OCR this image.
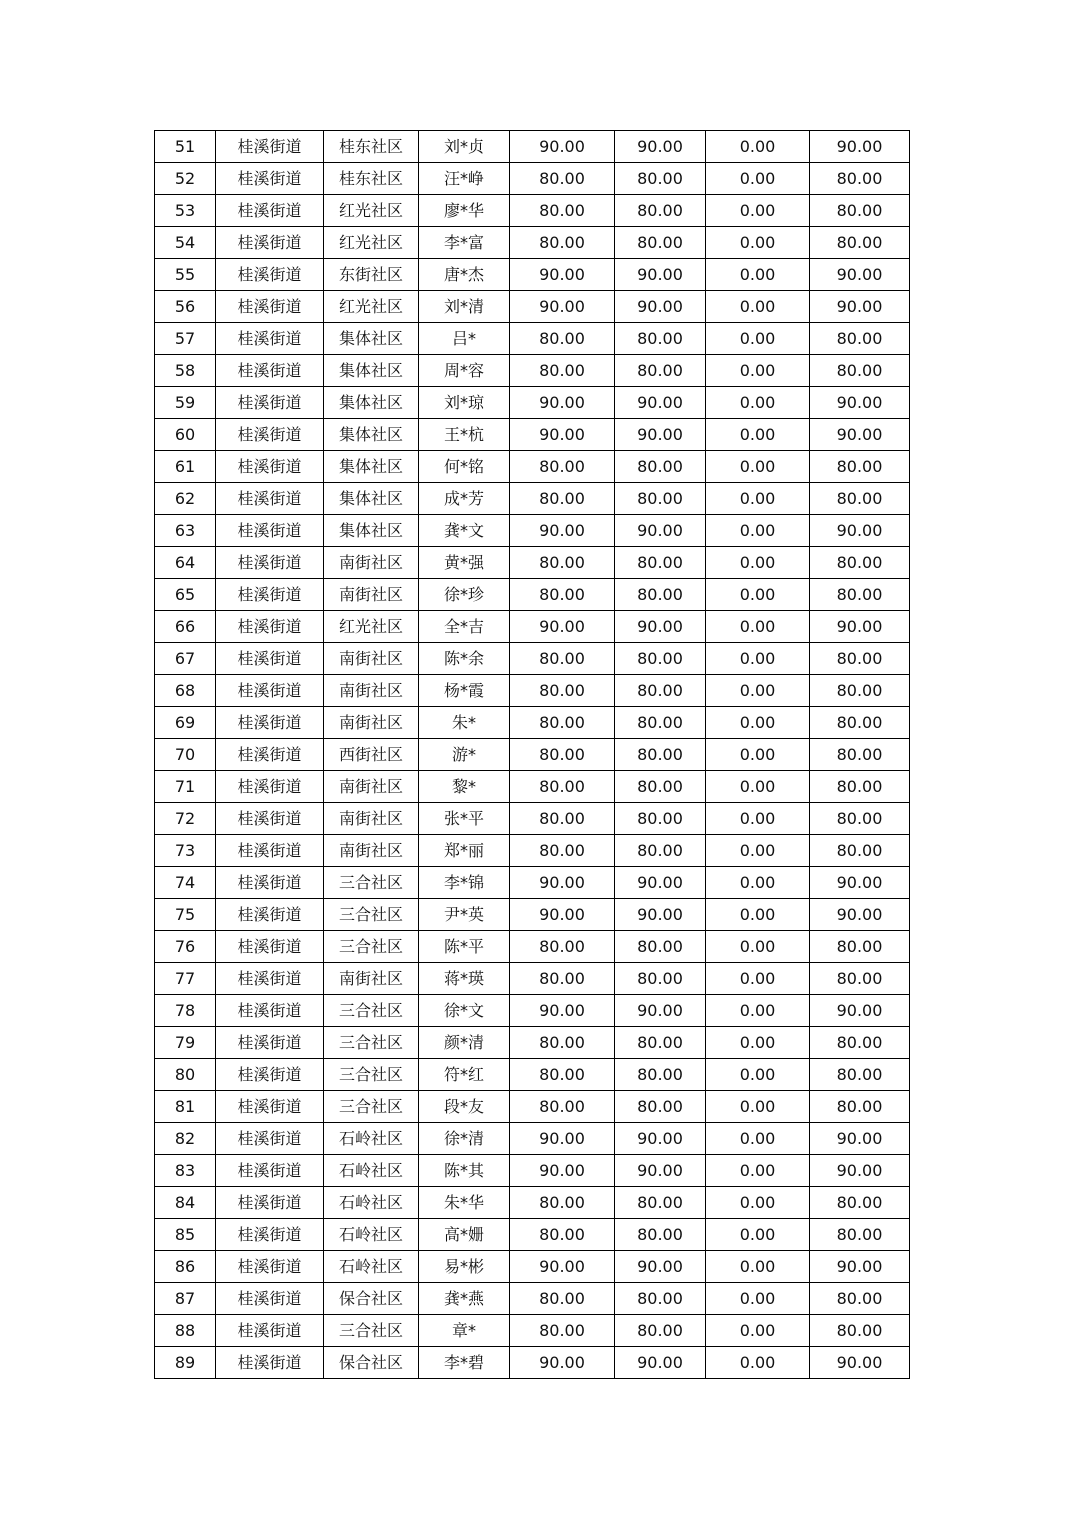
51	桂溪街道	桂东社区	刘*贞	90.00	90.00	0.00	90.00
52	桂溪街道	桂东社区	汪*峥	80.00	80.00	0.00	80.00
53	桂溪街道	红光社区	廖*华	80.00	80.00	0.00	80.00
54	桂溪街道	红光社区	李*富	80.00	80.00	0.00	80.00
55	桂溪街道	东街社区	唐*杰	90.00	90.00	0.00	90.00
56	桂溪街道	红光社区	刘*清	90.00	90.00	0.00	90.00
57	桂溪街道	集体社区	吕*	80.00	80.00	0.00	80.00
58	桂溪街道	集体社区	周*容	80.00	80.00	0.00	80.00
59	桂溪街道	集体社区	刘*琼	90.00	90.00	0.00	90.00
60	桂溪街道	集体社区	王*杭	90.00	90.00	0.00	90.00
61	桂溪街道	集体社区	何*铭	80.00	80.00	0.00	80.00
62	桂溪街道	集体社区	成*芳	80.00	80.00	0.00	80.00
63	桂溪街道	集体社区	龚*文	90.00	90.00	0.00	90.00
64	桂溪街道	南街社区	黄*强	80.00	80.00	0.00	80.00
65	桂溪街道	南街社区	徐*珍	80.00	80.00	0.00	80.00
66	桂溪街道	红光社区	全*吉	90.00	90.00	0.00	90.00
67	桂溪街道	南街社区	陈*余	80.00	80.00	0.00	80.00
68	桂溪街道	南街社区	杨*霞	80.00	80.00	0.00	80.00
69	桂溪街道	南街社区	朱*	80.00	80.00	0.00	80.00
70	桂溪街道	西街社区	游*	80.00	80.00	0.00	80.00
71	桂溪街道	南街社区	黎*	80.00	80.00	0.00	80.00
72	桂溪街道	南街社区	张*平	80.00	80.00	0.00	80.00
73	桂溪街道	南街社区	郑*丽	80.00	80.00	0.00	80.00
74	桂溪街道	三合社区	李*锦	90.00	90.00	0.00	90.00
75	桂溪街道	三合社区	尹*英	90.00	90.00	0.00	90.00
76	桂溪街道	三合社区	陈*平	80.00	80.00	0.00	80.00
77	桂溪街道	南街社区	蒋*瑛	80.00	80.00	0.00	80.00
78	桂溪街道	三合社区	徐*文	90.00	90.00	0.00	90.00
79	桂溪街道	三合社区	颜*清	80.00	80.00	0.00	80.00
80	桂溪街道	三合社区	符*红	80.00	80.00	0.00	80.00
81	桂溪街道	三合社区	段*友	80.00	80.00	0.00	80.00
82	桂溪街道	石岭社区	徐*清	90.00	90.00	0.00	90.00
83	桂溪街道	石岭社区	陈*其	90.00	90.00	0.00	90.00
84	桂溪街道	石岭社区	朱*华	80.00	80.00	0.00	80.00
85	桂溪街道	石岭社区	高*姗	80.00	80.00	0.00	80.00
86	桂溪街道	石岭社区	易*彬	90.00	90.00	0.00	90.00
87	桂溪街道	保合社区	龚*燕	80.00	80.00	0.00	80.00
88	桂溪街道	三合社区	章*	80.00	80.00	0.00	80.00
89	桂溪街道	保合社区	李*碧	90.00	90.00	0.00	90.00
